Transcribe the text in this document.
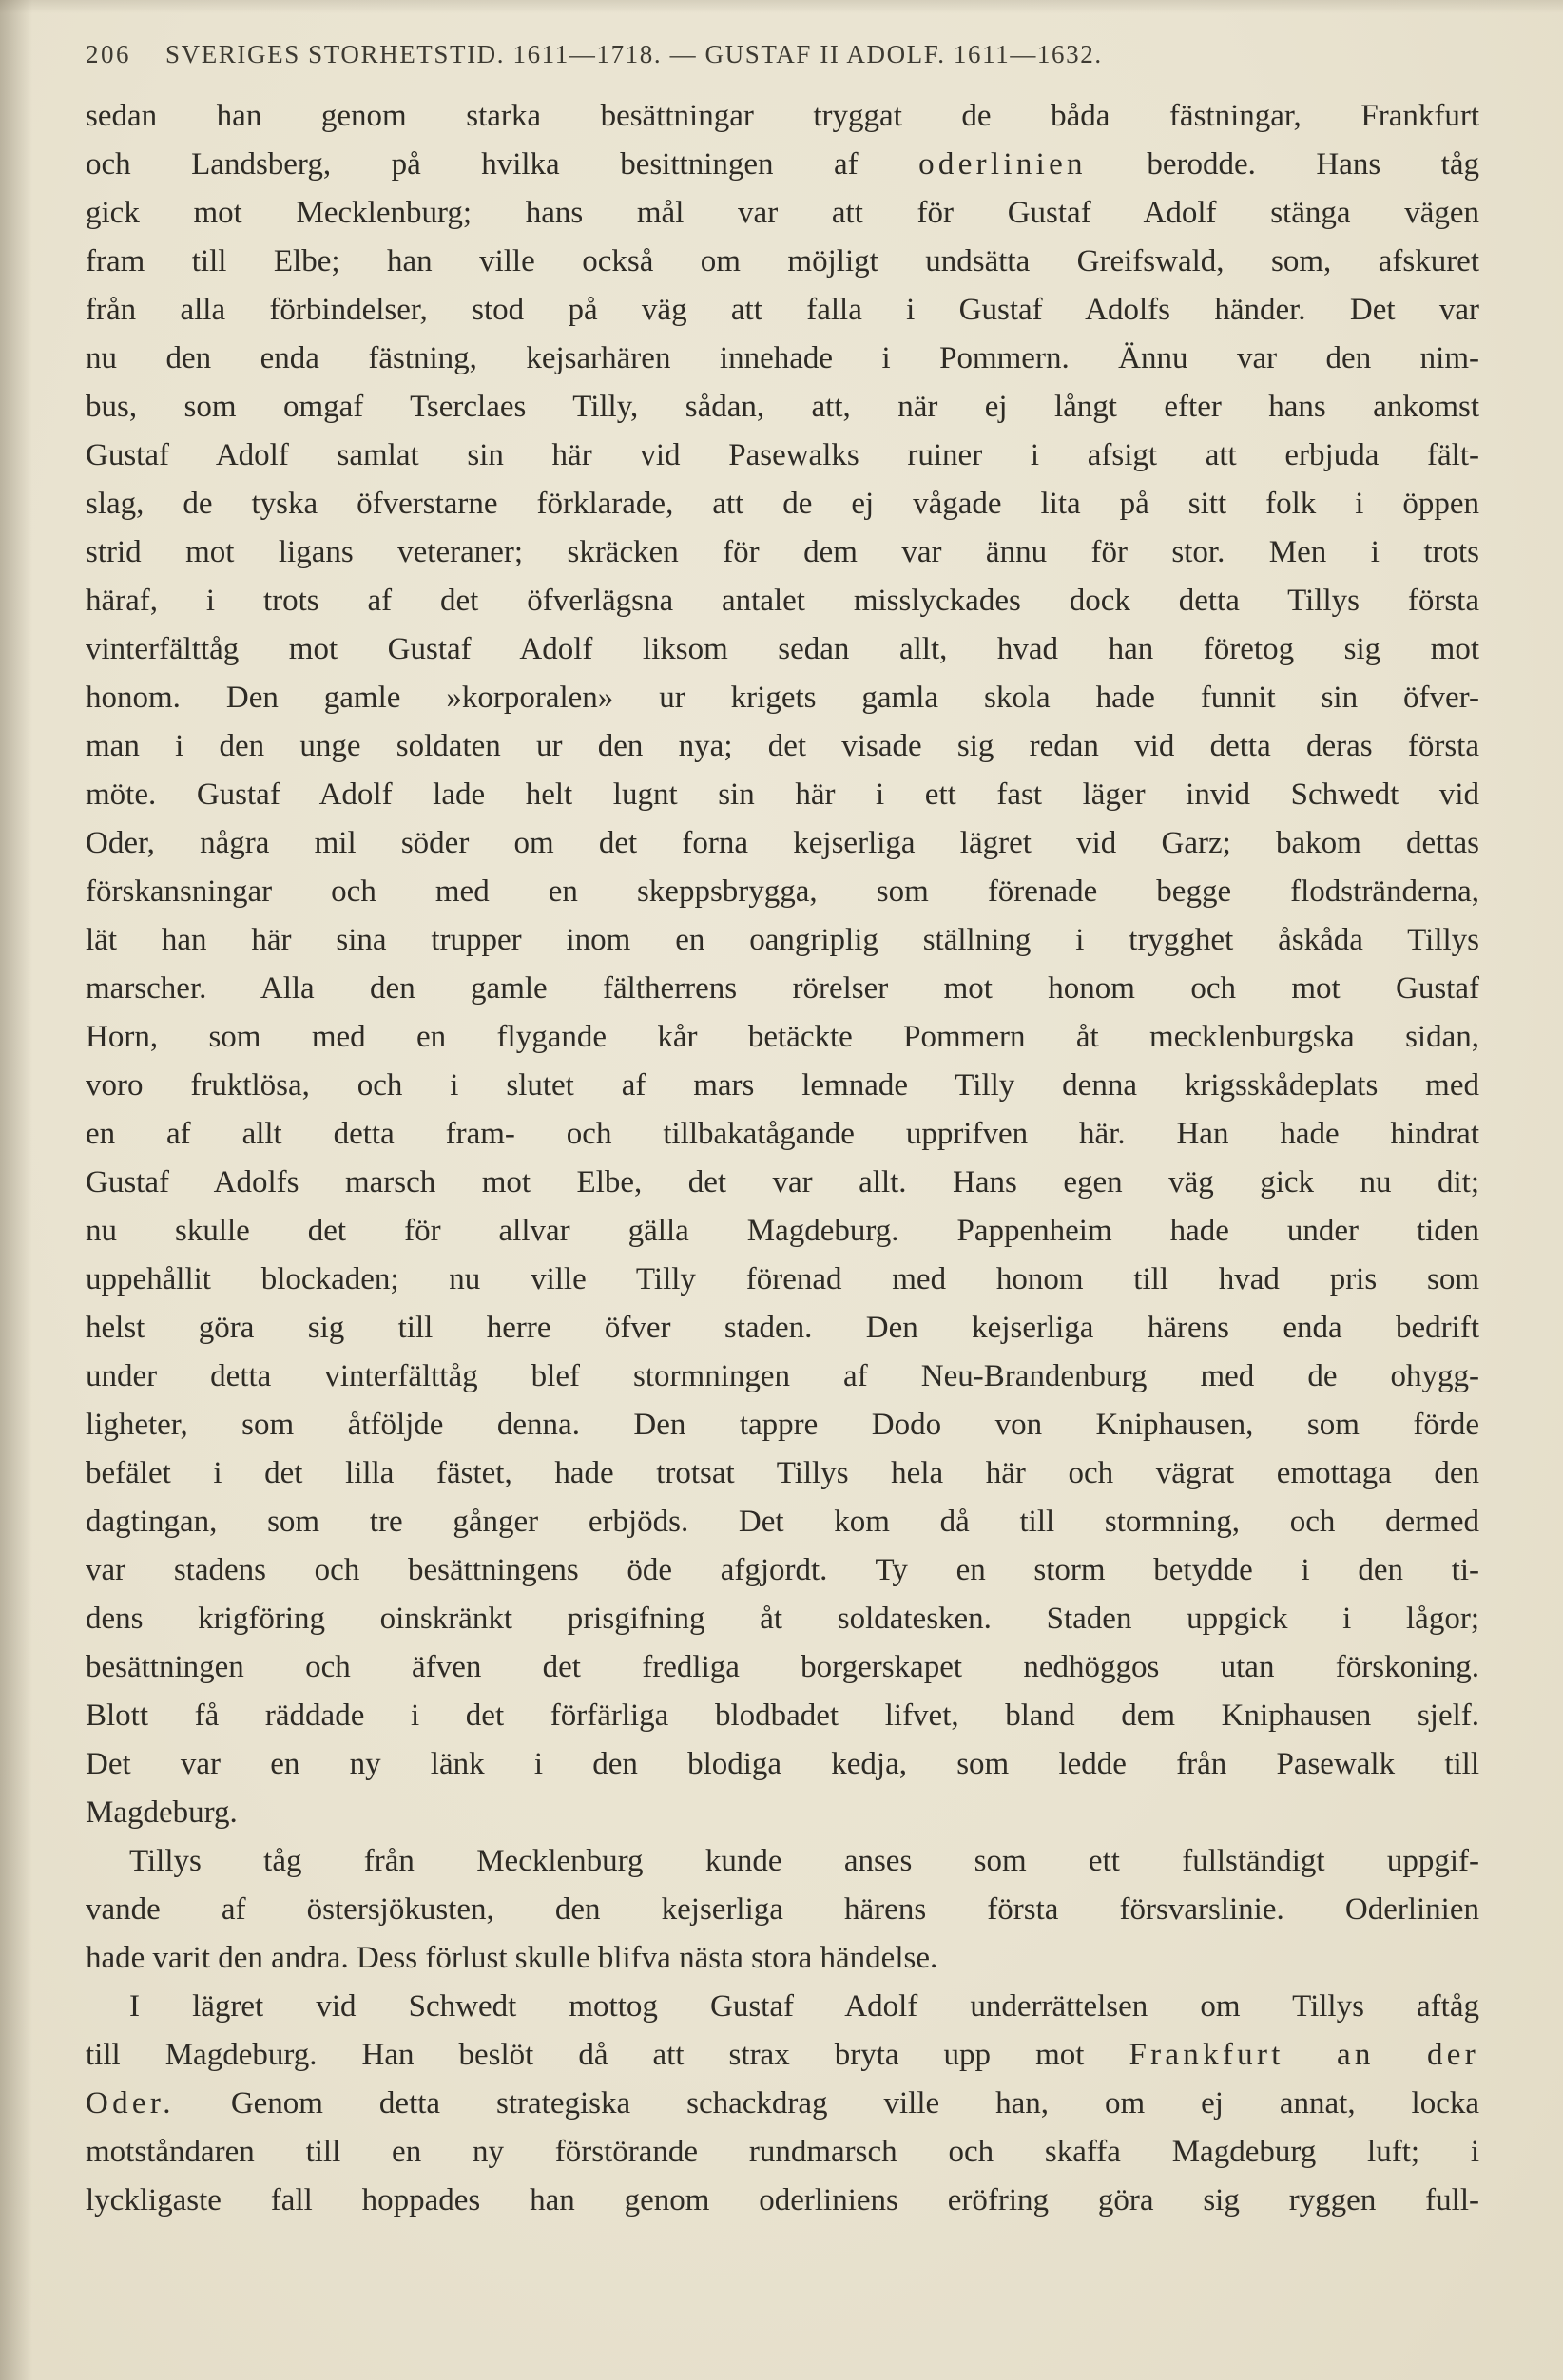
206 SVERIGES STORHETSTID. 1611—1718. — GUSTAF II ADOLF. 1611—1632.
sedan han genom starka besättningar tryggat de båda fästningar, Frankfurt
och Landsberg, på hvilka besittningen af oderlinien berodde. Hans tåg
gick mot Mecklenburg; hans mål var att för Gustaf Adolf stänga vägen
fram till Elbe; han ville också om möjligt undsätta Greifswald, som, afskuret
från alla förbindelser, stod på väg att falla i Gustaf Adolfs händer. Det var
nu den enda fästning, kejsarhären innehade i Pommern. Ännu var den nim-
bus, som omgaf Tserclaes Tilly, sådan, att, när ej långt efter hans ankomst
Gustaf Adolf samlat sin här vid Pasewalks ruiner i afsigt att erbjuda fält-
slag, de tyska öfverstarne förklarade, att de ej vågade lita på sitt folk i öppen
strid mot ligans veteraner; skräcken för dem var ännu för stor. Men i trots
häraf, i trots af det öfverlägsna antalet misslyckades dock detta Tillys första
vinterfälttåg mot Gustaf Adolf liksom sedan allt, hvad han företog sig mot
honom. Den gamle »korporalen» ur krigets gamla skola hade funnit sin öfver-
man i den unge soldaten ur den nya; det visade sig redan vid detta deras första
möte. Gustaf Adolf lade helt lugnt sin här i ett fast läger invid Schwedt vid
Oder, några mil söder om det forna kejserliga lägret vid Garz; bakom dettas
förskansningar och med en skeppsbrygga, som förenade begge flodstränderna,
lät han här sina trupper inom en oangriplig ställning i trygghet åskåda Tillys
marscher. Alla den gamle fältherrens rörelser mot honom och mot Gustaf
Horn, som med en flygande kår betäckte Pommern åt mecklenburgska sidan,
voro fruktlösa, och i slutet af mars lemnade Tilly denna krigsskådeplats med
en af allt detta fram- och tillbakatågande upprifven här. Han hade hindrat
Gustaf Adolfs marsch mot Elbe, det var allt. Hans egen väg gick nu dit;
nu skulle det för allvar gälla Magdeburg. Pappenheim hade under tiden
uppehållit blockaden; nu ville Tilly förenad med honom till hvad pris som
helst göra sig till herre öfver staden. Den kejserliga härens enda bedrift
under detta vinterfälttåg blef stormningen af Neu-Brandenburg med de ohygg-
ligheter, som åtföljde denna. Den tappre Dodo von Kniphausen, som förde
befälet i det lilla fästet, hade trotsat Tillys hela här och vägrat emottaga den
dagtingan, som tre gånger erbjöds. Det kom då till stormning, och dermed
var stadens och besättningens öde afgjordt. Ty en storm betydde i den ti-
dens krigföring oinskränkt prisgifning åt soldatesken. Staden uppgick i lågor;
besättningen och äfven det fredliga borgerskapet nedhöggos utan förskoning.
Blott få räddade i det förfärliga blodbadet lifvet, bland dem Kniphausen sjelf.
Det var en ny länk i den blodiga kedja, som ledde från Pasewalk till
Magdeburg.
Tillys tåg från Mecklenburg kunde anses som ett fullständigt uppgif-
vande af östersjökusten, den kejserliga härens första försvarslinie. Oderlinien
hade varit den andra. Dess förlust skulle blifva nästa stora händelse.
I lägret vid Schwedt mottog Gustaf Adolf underrättelsen om Tillys aftåg
till Magdeburg. Han beslöt då att strax bryta upp mot Frankfurt an der
Oder. Genom detta strategiska schackdrag ville han, om ej annat, locka
motståndaren till en ny förstörande rundmarsch och skaffa Magdeburg luft; i
lyckligaste fall hoppades han genom oderliniens eröfring göra sig ryggen full-
